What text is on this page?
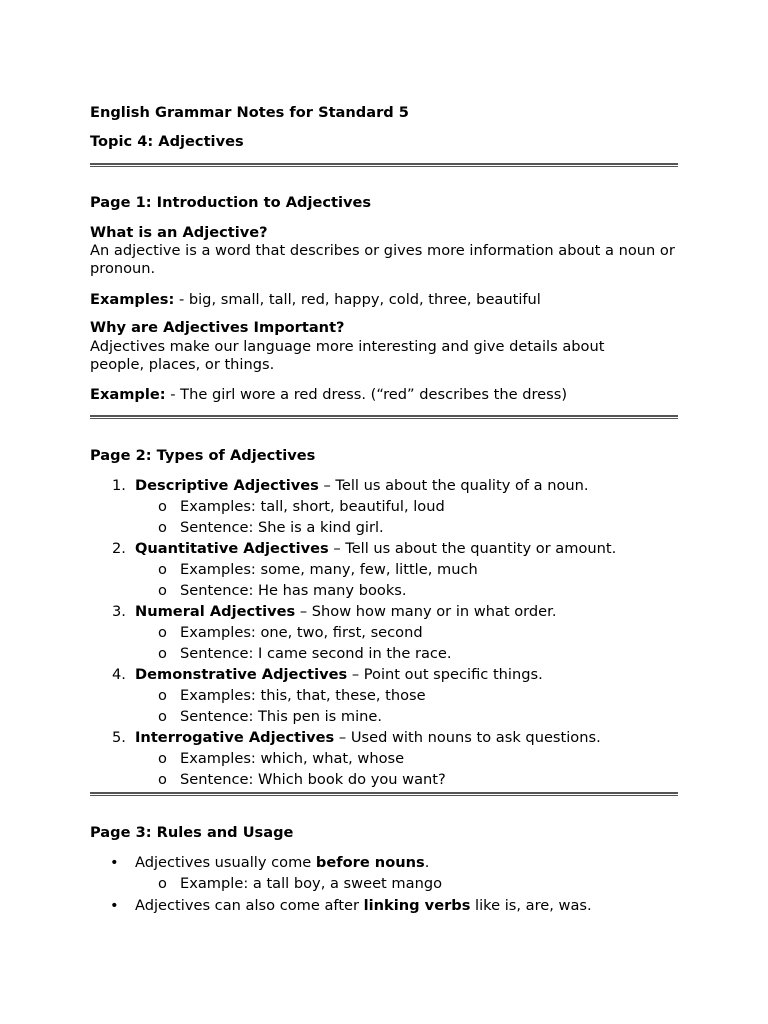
English Grammar Notes for Standard 5

Topic 4: Adjectives

Page 1: Introduction to Adjectives

What is an Adjective?

An adjective is a word that describes or gives more information about a noun or pronoun.

Examples: - big, small, tall, red, happy, cold, three, beautiful

Why are Adjectives Important?

Adjectives make our language more interesting and give details about people, places, or things.

Example: - The girl wore a red dress. (“red” describes the dress)

Page 2: Types of Adjectives

1. Descriptive Adjectives – Tell us about the quality of a noun.
o Examples: tall, short, beautiful, loud
o Sentence: She is a kind girl.
2. Quantitative Adjectives – Tell us about the quantity or amount.
o Examples: some, many, few, little, much
o Sentence: He has many books.
3. Numeral Adjectives – Show how many or in what order.
o Examples: one, two, first, second
o Sentence: I came second in the race.
4. Demonstrative Adjectives – Point out specific things.
o Examples: this, that, these, those
o Sentence: This pen is mine.
5. Interrogative Adjectives – Used with nouns to ask questions.
o Examples: which, what, whose
o Sentence: Which book do you want?

Page 3: Rules and Usage

• Adjectives usually come before nouns.
o Example: a tall boy, a sweet mango
• Adjectives can also come after linking verbs like is, are, was.
